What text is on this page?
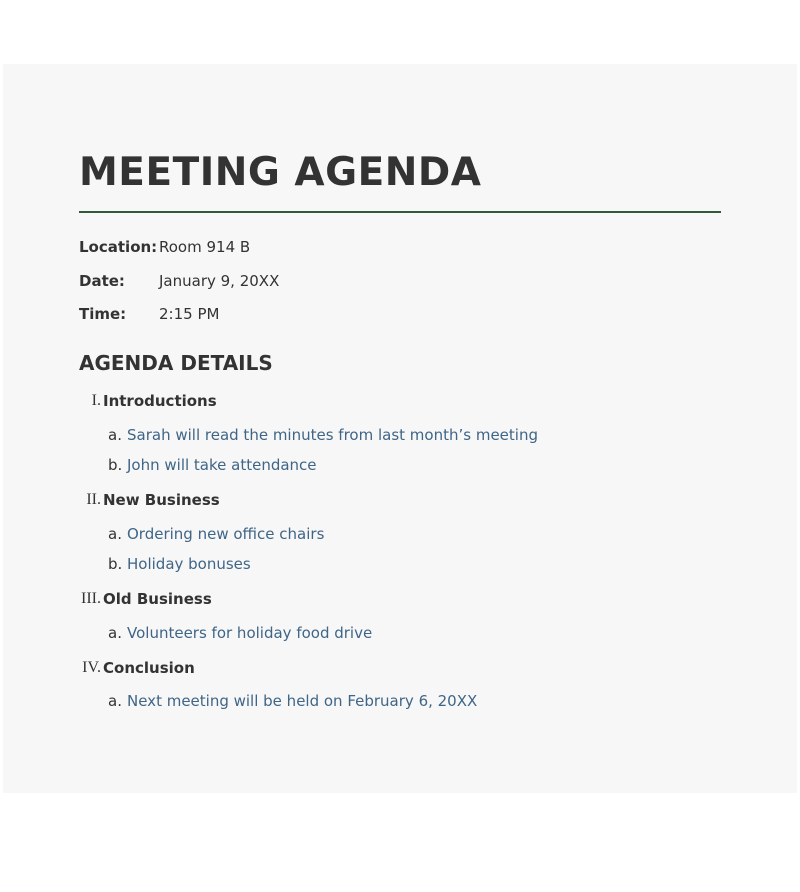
MEETING AGENDA
Location: Room 914 B
Date:	January 9, 20XX
Time:	2:15 PM
AGENDA DETAILS
I. Introductions
a. Sarah will read the minutes from last month’s meeting
b. John will take attendance
II. New Business
a. Ordering new office chairs
b. Holiday bonuses
III. Old Business
a. Volunteers for holiday food drive
IV. Conclusion
a. Next meeting will be held on February 6, 20XX
